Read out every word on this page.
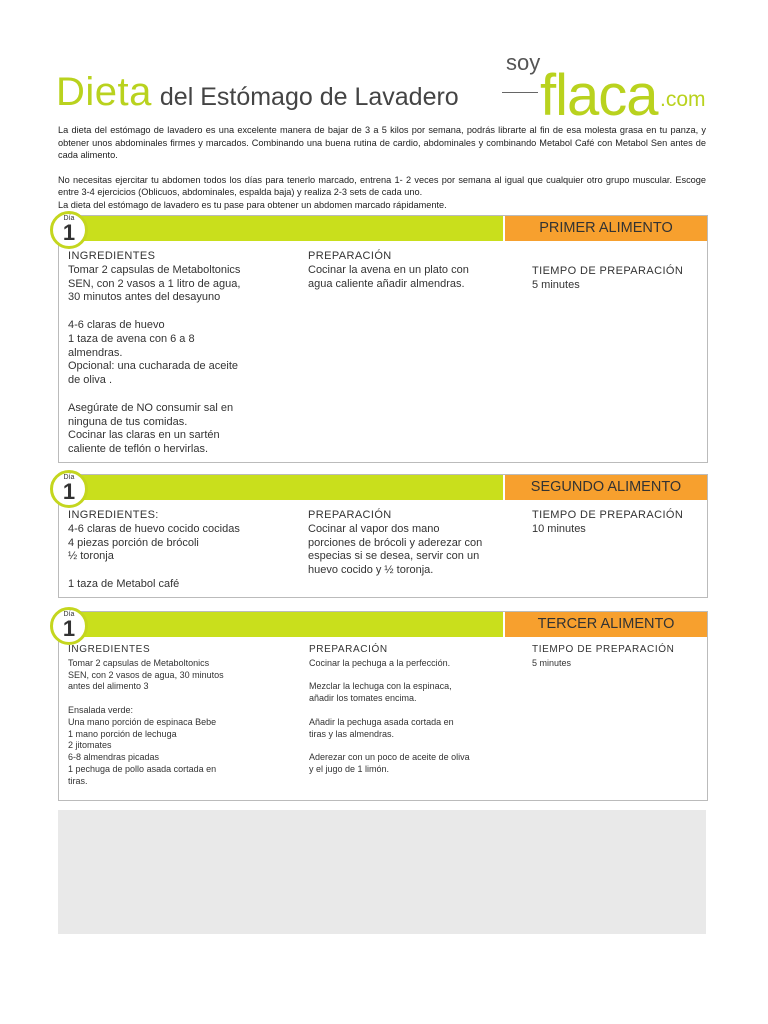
Dieta del Estómago de Lavadero
soy
flaca .com

La dieta del estómago de lavadero es una excelente manera de bajar de 3 a 5 kilos por semana, podrás librarte al fin de esa molesta grasa en tu panza, y obtener unos abdominales firmes y marcados. Combinando una buena rutina de cardio, abdominales y combinando Metabol Café con Metabol Sen antes de cada alimento.

No necesitas ejercitar tu abdomen todos los días para tenerlo marcado, entrena 1- 2 veces por semana al igual que cualquier otro grupo muscular. Escoge entre 3-4 ejercicios (Oblicuos, abdominales, espalda baja) y realiza 2-3 sets de cada uno.

La dieta del estómago de lavadero es tu pase para obtener un abdomen marcado rápidamente.

PRIMER ALIMENTO
Día
1

INGREDIENTES

Tomar 2 capsulas de Metaboltonics

SEN, con 2 vasos a 1 litro de agua,

30 minutos antes del desayuno

4-6 claras de huevo

1 taza de avena con 6 a 8

almendras.

Opcional: una cucharada de aceite

de oliva .

Asegúrate de NO consumir sal en

ninguna de tus comidas.

Cocinar las claras en un sartén

caliente de teflón o hervirlas.

PREPARACIÓN

Cocinar la avena en un plato con

agua caliente añadir almendras.

TIEMPO DE PREPARACIÓN

5 minutes

SEGUNDO ALIMENTO
Día
1

INGREDIENTES:

4-6 claras de huevo cocido cocidas

4 piezas porción de brócoli

½ toronja

1 taza de Metabol café

PREPARACIÓN

Cocinar al vapor dos mano

porciones de brócoli y aderezar con

especias si se desea, servir con un

huevo cocido y ½ toronja.

TIEMPO DE PREPARACIÓN

10 minutes

TERCER ALIMENTO
Día
1

INGREDIENTES

Tomar 2 capsulas de Metaboltonics

SEN, con 2 vasos de agua, 30 minutos

antes del alimento 3

Ensalada verde:

Una mano porción de espinaca Bebe

1 mano porción de lechuga

2 jitomates

6-8 almendras picadas

1 pechuga de pollo asada cortada en

tiras.

PREPARACIÓN

Cocinar la pechuga a la perfección.

Mezclar la lechuga con la espinaca,

añadir los tomates encima.

Añadir la pechuga asada cortada en

tiras y las almendras.

Aderezar con un poco de aceite de oliva

y el jugo de 1 limón.

TIEMPO DE PREPARACIÓN

5 minutes
